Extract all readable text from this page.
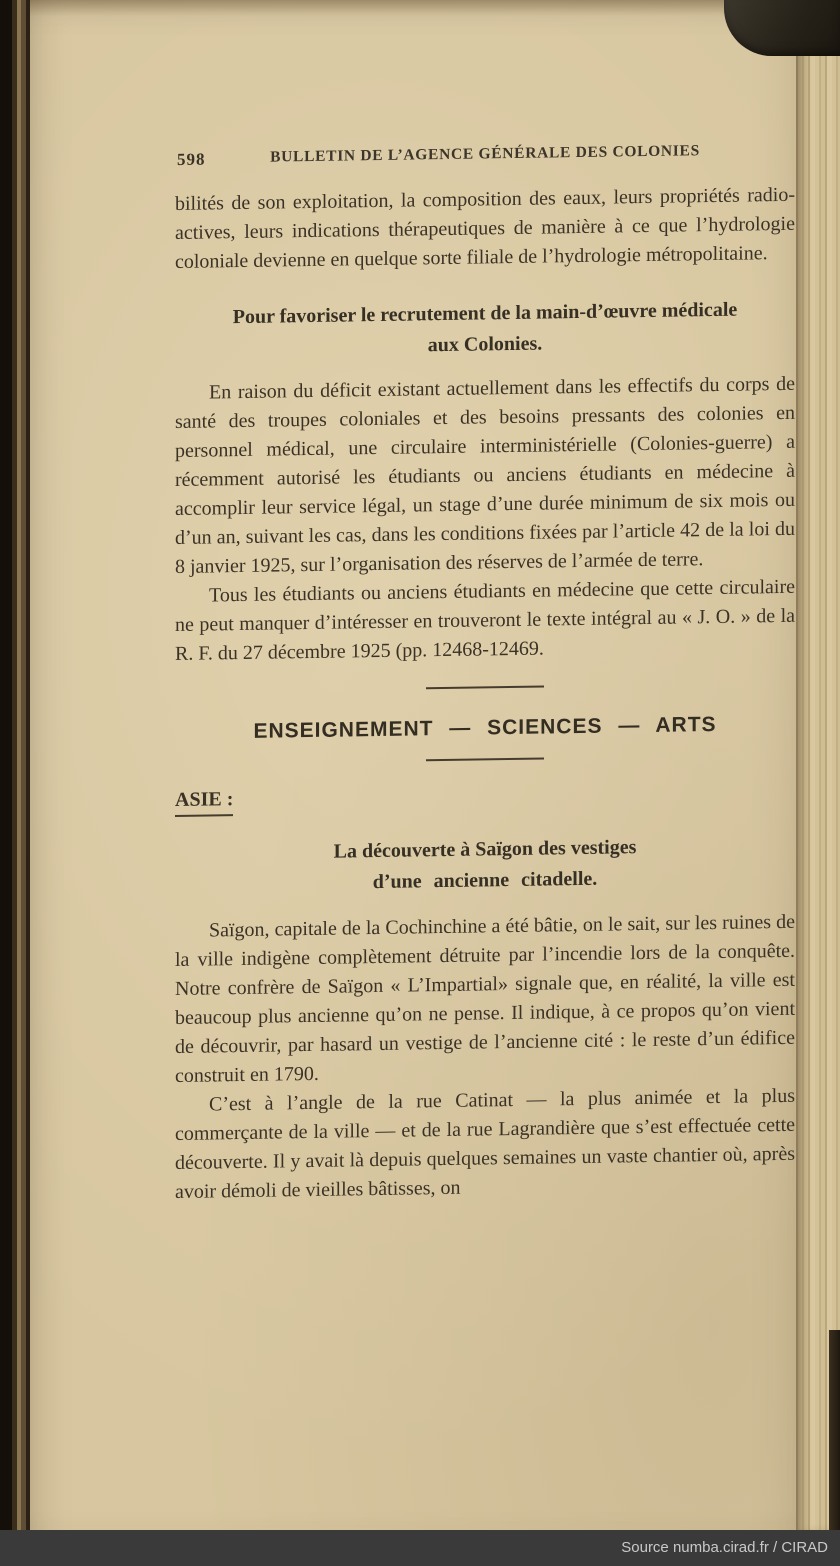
598	BULLETIN DE L’AGENCE GÉNÉRALE DES COLONIES

bilités de son exploitation, la composition des eaux, leurs propriétés radio-actives, leurs indications thérapeutiques de manière à ce que l’hydrologie coloniale devienne en quelque sorte filiale de l’hydrologie métropolitaine.

Pour favoriser le recrutement de la main-d’œuvre médicale
aux Colonies.

En raison du déficit existant actuellement dans les effectifs du corps de santé des troupes coloniales et des besoins pressants des colonies en personnel médical, une circulaire interministérielle (Colonies-guerre) a récemment autorisé les étudiants ou anciens étudiants en médecine à accomplir leur service légal, un stage d’une durée minimum de six mois ou d’un an, suivant les cas, dans les conditions fixées par l’article 42 de la loi du 8 janvier 1925, sur l’organisation des réserves de l’armée de terre.

Tous les étudiants ou anciens étudiants en médecine que cette circulaire ne peut manquer d’intéresser en trouveront le texte intégral au « J. O. » de la R. F. du 27 décembre 1925 (pp. 12468-12469.

ENSEIGNEMENT — SCIENCES — ARTS
ASIE :
La découverte à Saïgon des vestiges
d’une ancienne citadelle.

Saïgon, capitale de la Cochinchine a été bâtie, on le sait, sur les ruines de la ville indigène complètement détruite par l’incendie lors de la conquête. Notre confrère de Saïgon « L’Impartial» signale que, en réalité, la ville est beaucoup plus ancienne qu’on ne pense. Il indique, à ce propos qu’on vient de découvrir, par hasard un vestige de l’ancienne cité : le reste d’un édifice construit en 1790.

C’est à l’angle de la rue Catinat — la plus animée et la plus commerçante de la ville — et de la rue Lagrandière que s’est effectuée cette découverte. Il y avait là depuis quelques semaines un vaste chantier où, après avoir démoli de vieilles bâtisses, on

Source numba.cirad.fr / CIRAD
